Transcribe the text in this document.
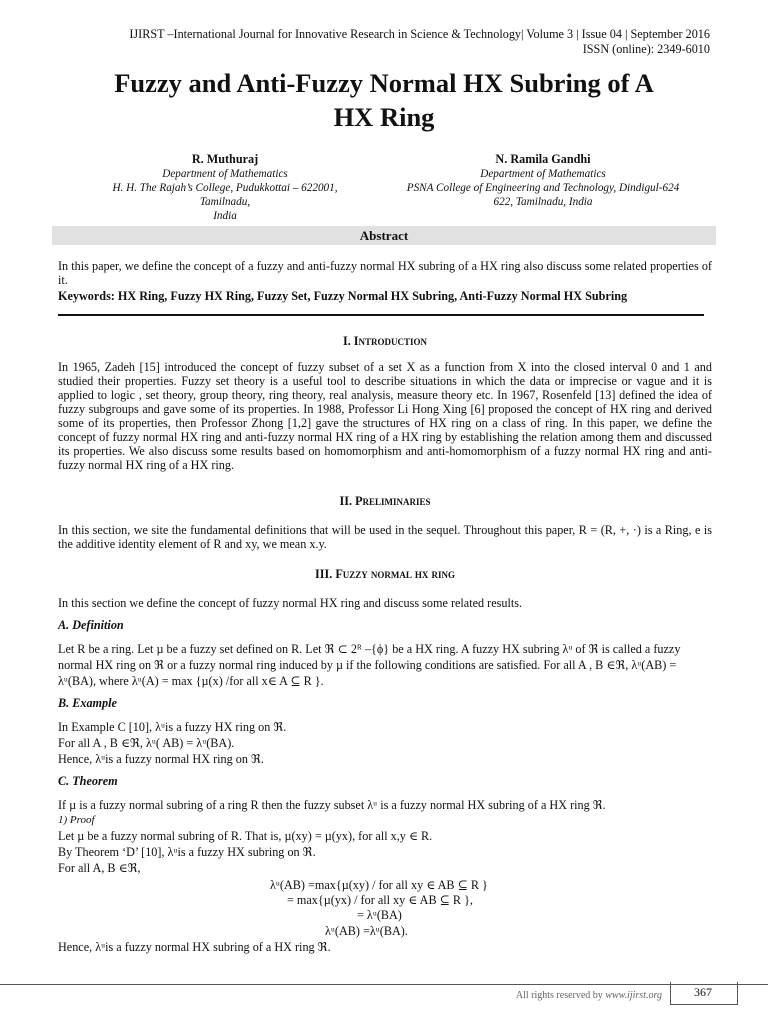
IJIRST –International Journal for Innovative Research in Science & Technology| Volume 3 | Issue 04 | September 2016
ISSN (online): 2349-6010
Fuzzy and Anti-Fuzzy Normal HX Subring of A
HX Ring
R. Muthuraj
Department of Mathematics
H. H. The Rajah’s College, Pudukkottai – 622001, Tamilnadu,
India
N. Ramila Gandhi
Department of Mathematics
PSNA College of Engineering and Technology, Dindigul-624
622, Tamilnadu, India
Abstract
In this paper, we define the concept of a fuzzy and anti-fuzzy normal HX subring of a HX ring also discuss some related properties of it.
Keywords: HX Ring, Fuzzy HX Ring, Fuzzy Set, Fuzzy Normal HX Subring, Anti-Fuzzy Normal HX Subring
I. Introduction
In 1965, Zadeh [15] introduced the concept of fuzzy subset of a set X as a function from X into the closed interval 0 and 1 and studied their properties. Fuzzy set theory is a useful tool to describe situations in which the data or imprecise or vague and it is applied to logic , set theory, group theory, ring theory, real analysis, measure theory etc. In 1967, Rosenfeld [13] defined the idea of fuzzy subgroups and gave some of its properties. In 1988, Professor Li Hong Xing [6] proposed the concept of HX ring and derived some of its properties, then Professor Zhong [1,2] gave the structures of HX ring on a class of ring. In this paper, we define the concept of fuzzy normal HX ring and anti-fuzzy normal HX ring of a HX ring by establishing the relation among them and discussed its properties. We also discuss some results based on homomorphism and anti-homomorphism of a fuzzy normal HX ring and anti-fuzzy normal HX ring of a HX ring.
II. Preliminaries
In this section, we site the fundamental definitions that will be used in the sequel. Throughout this paper, R = (R, +, ·) is a Ring, e is the additive identity element of R and xy, we mean x.y.
III. Fuzzy normal hx ring
In this section we define the concept of fuzzy normal HX ring and discuss some related results.
A. Definition
Let R be a ring. Let µ be a fuzzy set defined on R. Let ℜ ⊂ 2ᴿ –{ϕ} be a HX ring. A fuzzy HX subring λᵘ of ℜ is called a fuzzy
normal HX ring on ℜ or a fuzzy normal ring induced by µ if the following conditions are satisfied. For all A , B ∈ℜ, λᵘ(AB) =
λᵘ(BA), where λᵘ(A) = max {µ(x) /for all x∈ A ⊆ R }.
B. Example
In Example C [10], λᵘis a fuzzy HX ring on ℜ.
For all A , B ∈ℜ, λᵘ( AB) = λᵘ(BA).
Hence, λᵘis a fuzzy normal HX ring on ℜ.
C. Theorem
If µ is a fuzzy normal subring of a ring R then the fuzzy subset λᵘ is a fuzzy normal HX subring of a HX ring ℜ.
1) Proof
Let µ be a fuzzy normal subring of R. That is, µ(xy) = µ(yx), for all x,y ∈ R.
By Theorem ‘D’ [10], λᵘis a fuzzy HX subring on ℜ.
For all A, B ∈ℜ,
λᵘ(AB) =max{µ(xy) / for all xy ∈ AB ⊆ R }
= max{µ(yx) / for all xy ∈ AB ⊆ R },
= λᵘ(BA)
λᵘ(AB) =λᵘ(BA).
Hence, λᵘis a fuzzy normal HX subring of a HX ring ℜ.
All rights reserved by www.ijirst.org	367
